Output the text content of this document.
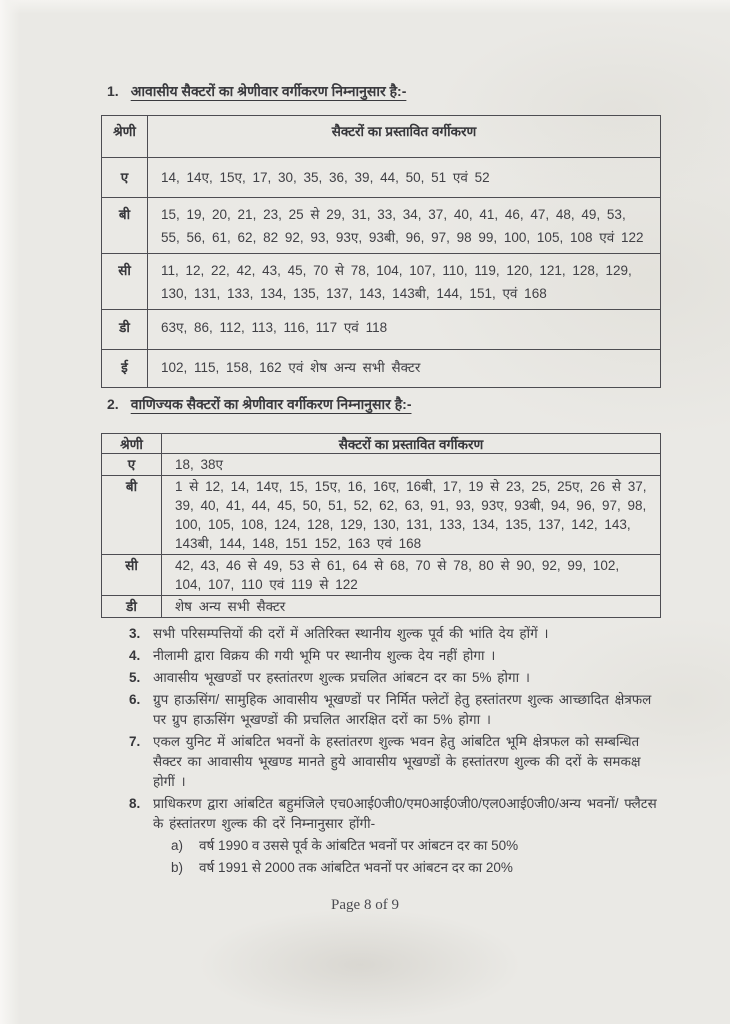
1. आवासीय सैक्टरों का श्रेणीवार वर्गीकरण निम्नानुसार है:-
श्रेणी	सैक्टरों का प्रस्तावित वर्गीकरण
ए	14, 14ए, 15ए, 17, 30, 35, 36, 39, 44, 50, 51 एवं 52
बी	15, 19, 20, 21, 23, 25 से 29, 31, 33, 34, 37, 40, 41, 46, 47, 48, 49, 53, 55, 56, 61, 62, 82 92, 93, 93ए, 93बी, 96, 97, 98 99, 100, 105, 108 एवं 122
सी	11, 12, 22, 42, 43, 45, 70 से 78, 104, 107, 110, 119, 120, 121, 128, 129, 130, 131, 133, 134, 135, 137, 143, 143बी, 144, 151, एवं 168
डी	63ए, 86, 112, 113, 116, 117 एवं 118
ई	102, 115, 158, 162 एवं शेष अन्य सभी सैक्टर
2. वाणिज्यक सैक्टरों का श्रेणीवार वर्गीकरण निम्नानुसार है:-
श्रेणी	सैक्टरों का प्रस्तावित वर्गीकरण
ए	18, 38ए
बी	1 से 12, 14, 14ए, 15, 15ए, 16, 16ए, 16बी, 17, 19 से 23, 25, 25ए, 26 से 37, 39, 40, 41, 44, 45, 50, 51, 52, 62, 63, 91, 93, 93ए, 93बी, 94, 96, 97, 98, 100, 105, 108, 124, 128, 129, 130, 131, 133, 134, 135, 137, 142, 143, 143बी, 144, 148, 151 152, 163 एवं 168
सी	42, 43, 46 से 49, 53 से 61, 64 से 68, 70 से 78, 80 से 90, 92, 99, 102, 104, 107, 110 एवं 119 से 122
डी	शेष अन्य सभी सैक्टर
3. सभी परिसम्पत्तियों की दरों में अतिरिक्त स्थानीय शुल्क पूर्व की भांति देय होंगें ।
4. नीलामी द्वारा विक्रय की गयी भूमि पर स्थानीय शुल्क देय नहीं होगा ।
5. आवासीय भूखण्डों पर हस्तांतरण शुल्क प्रचलित आंबटन दर का 5% होगा ।
6. ग्रुप हाऊसिंग/ सामुहिक आवासीय भूखण्डों पर निर्मित फ्लेटों हेतु हस्तांतरण शुल्क आच्छादित क्षेत्रफल पर ग्रुप हाऊसिंग भूखण्डों की प्रचलित आरक्षित दरों का 5% होगा ।
7. एकल युनिट में आंबटित भवनों के हस्तांतरण शुल्क भवन हेतु आंबटित भूमि क्षेत्रफल को सम्बन्धित सैक्टर का आवासीय भूखण्ड मानते हुये आवासीय भूखण्डों के हस्तांतरण शुल्क की दरों के समकक्ष होगीं ।
8. प्राधिकरण द्वारा आंबटित बहुमंजिले एच0आई0जी0/एम0आई0जी0/एल0आई0जी0/अन्य भवनों/ फ्लैटस के हंस्तांतरण शुल्क की दरें निम्नानुसार होंगी-
a)	वर्ष 1990 व उससे पूर्व के आंबटित भवनों पर आंबटन दर का 50%
b)	वर्ष 1991 से 2000 तक आंबटित भवनों पर आंबटन दर का 20%
Page 8 of 9
